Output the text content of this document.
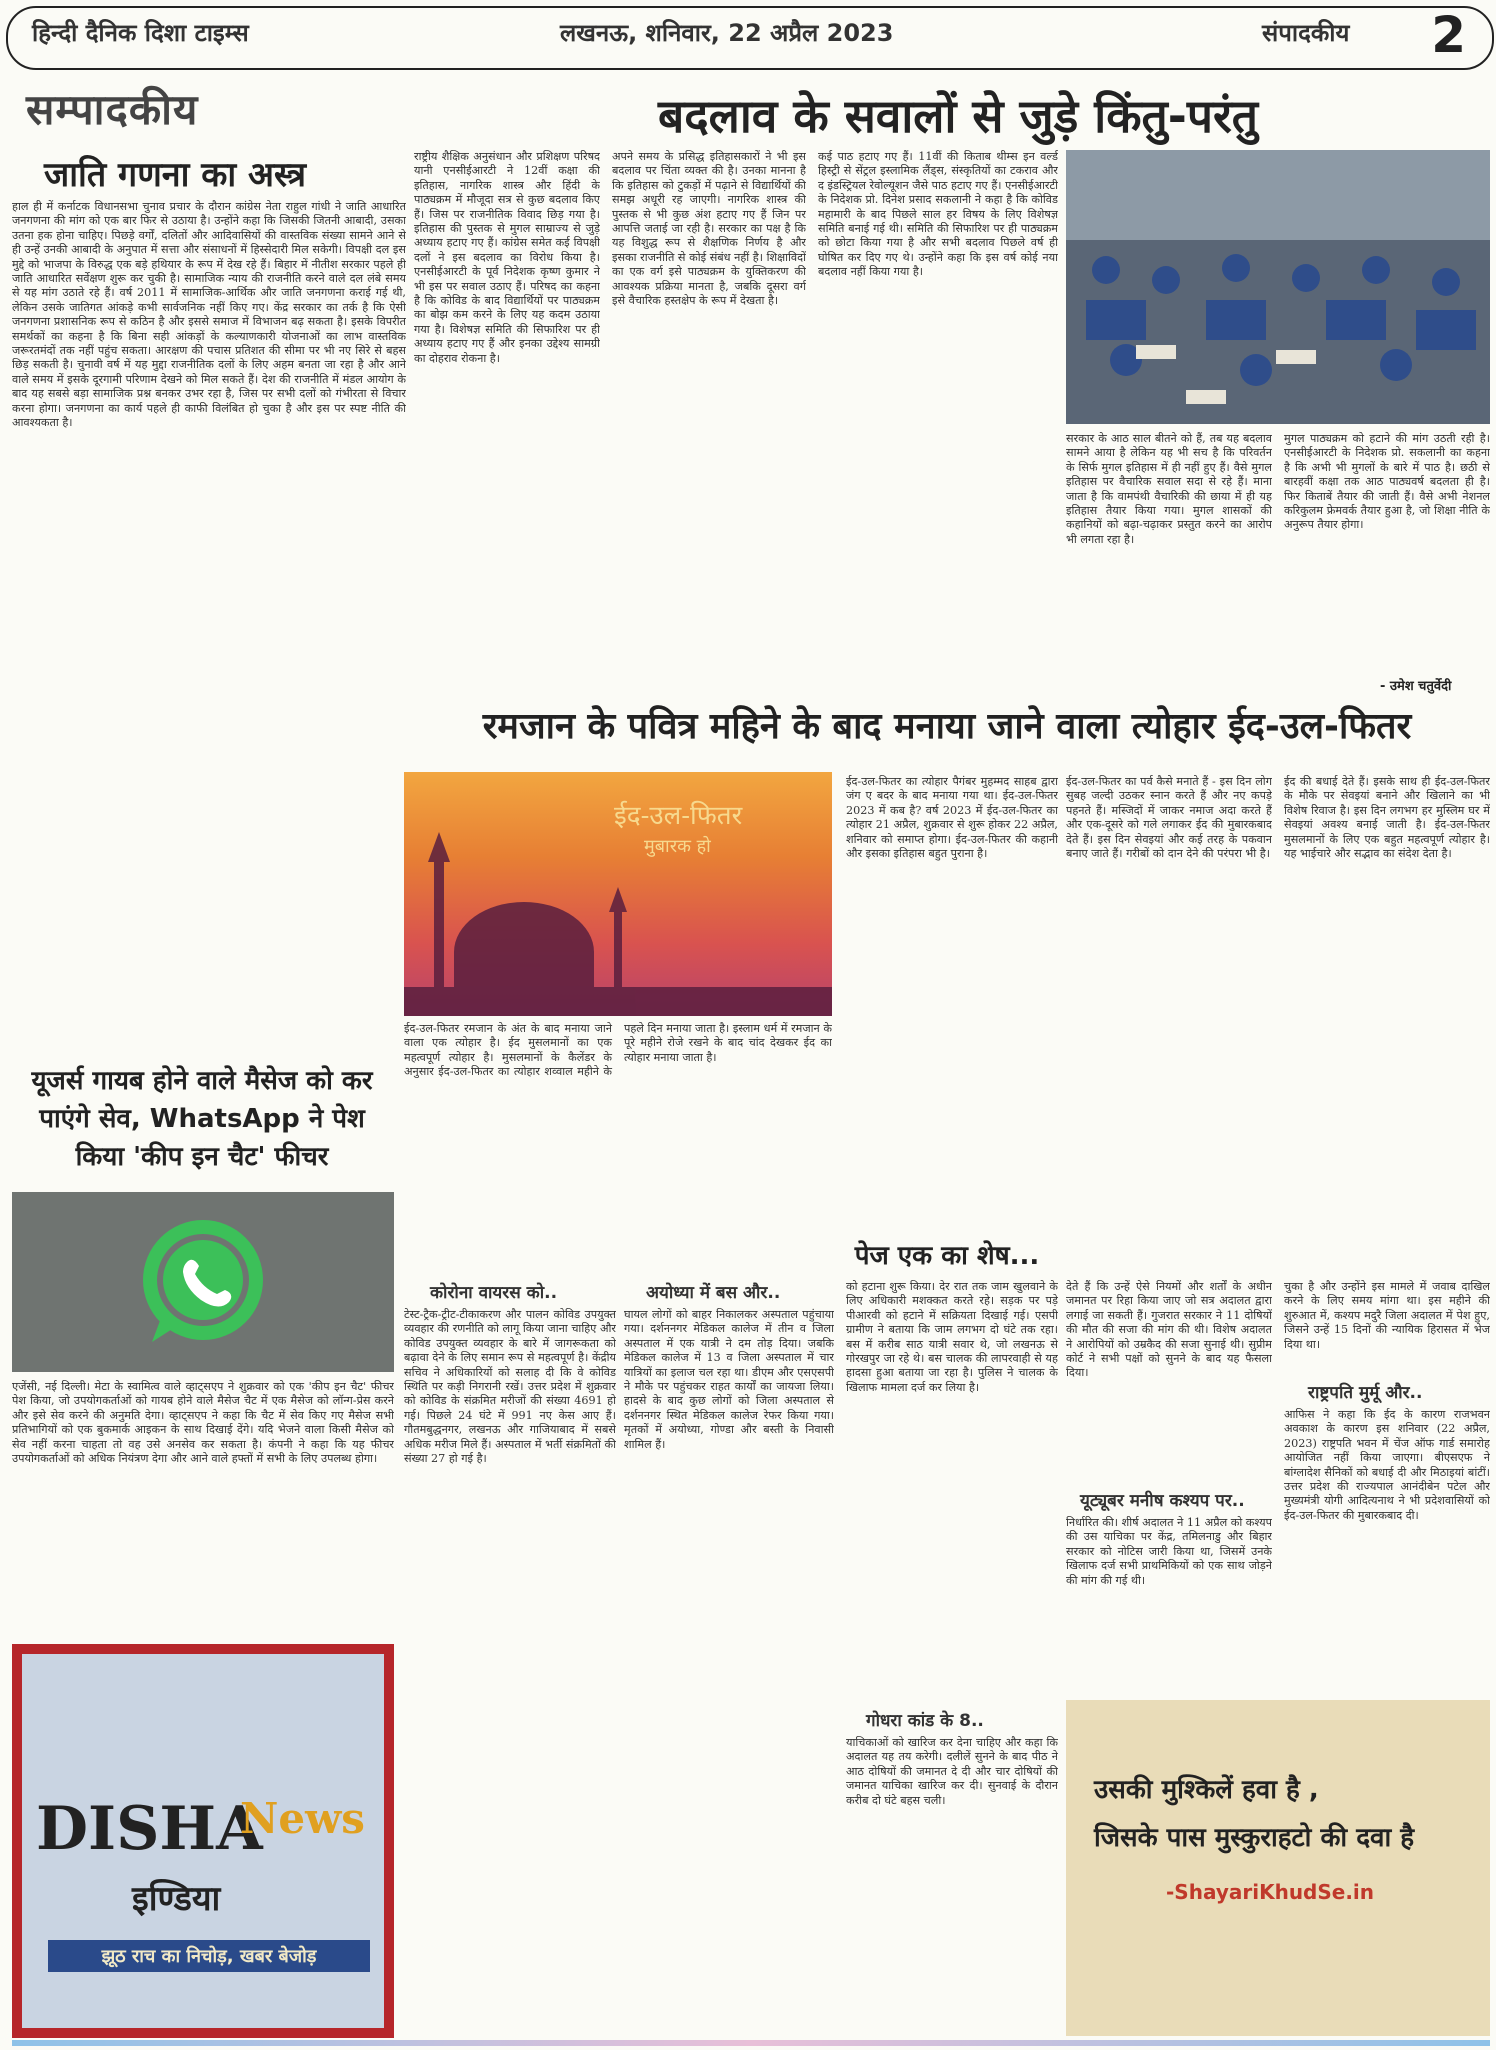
हिन्दी दैनिक दिशा टाइम्स	लखनऊ, शनिवार, 22 अप्रैल 2023	संपादकीय 2
सम्पादकीय	बदलाव के सवालों से जुड़े किंतु-परंतु
जाति गणना का अस्त्र
हाल ही में कर्नाटक विधानसभा चुनाव प्रचार के दौरान कांग्रेस नेता राहुल गांधी ने जाति आधारित जनगणना की मांग को एक बार फिर से उठाया है। उन्होंने कहा कि जिसकी जितनी आबादी, उसका उतना हक होना चाहिए। पिछड़े वर्गों, दलितों और आदिवासियों की वास्तविक संख्या सामने आने से ही उन्हें उनकी आबादी के अनुपात में सत्ता और संसाधनों में हिस्सेदारी मिल सकेगी। विपक्षी दल इस मुद्दे को भाजपा के विरुद्ध एक बड़े हथियार के रूप में देख रहे हैं। बिहार में नीतीश सरकार पहले ही जाति आधारित सर्वेक्षण शुरू कर चुकी है। सामाजिक न्याय की राजनीति करने वाले दल लंबे समय से यह मांग उठाते रहे हैं। वर्ष 2011 में सामाजिक-आर्थिक और जाति जनगणना कराई गई थी, लेकिन उसके जातिगत आंकड़े कभी सार्वजनिक नहीं किए गए। केंद्र सरकार का तर्क है कि ऐसी जनगणना प्रशासनिक रूप से कठिन है और इससे समाज में विभाजन बढ़ सकता है। इसके विपरीत समर्थकों का कहना है कि बिना सही आंकड़ों के कल्याणकारी योजनाओं का लाभ वास्तविक जरूरतमंदों तक नहीं पहुंच सकता। आरक्षण की पचास प्रतिशत की सीमा पर भी नए सिरे से बहस छिड़ सकती है। चुनावी वर्ष में यह मुद्दा राजनीतिक दलों के लिए अहम बनता जा रहा है और आने वाले समय में इसके दूरगामी परिणाम देखने को मिल सकते हैं। देश की राजनीति में मंडल आयोग के बाद यह सबसे बड़ा सामाजिक प्रश्न बनकर उभर रहा है, जिस पर सभी दलों को गंभीरता से विचार करना होगा। जनगणना का कार्य पहले ही काफी विलंबित हो चुका है और इस पर स्पष्ट नीति की आवश्यकता है।
राष्ट्रीय शैक्षिक अनुसंधान और प्रशिक्षण परिषद यानी एनसीईआरटी ने 12वीं कक्षा की इतिहास, नागरिक शास्त्र और हिंदी के पाठ्यक्रम में मौजूदा सत्र से कुछ बदलाव किए हैं। जिस पर राजनीतिक विवाद छिड़ गया है। इतिहास की पुस्तक से मुगल साम्राज्य से जुड़े अध्याय हटाए गए हैं। कांग्रेस समेत कई विपक्षी दलों ने इस बदलाव का विरोध किया है। एनसीईआरटी के पूर्व निदेशक कृष्ण कुमार ने भी इस पर सवाल उठाए हैं। परिषद का कहना है कि कोविड के बाद विद्यार्थियों पर पाठ्यक्रम का बोझ कम करने के लिए यह कदम उठाया गया है। विशेषज्ञ समिति की सिफारिश पर ही अध्याय हटाए गए हैं और इनका उद्देश्य सामग्री का दोहराव रोकना है।
अपने समय के प्रसिद्ध इतिहासकारों ने भी इस बदलाव पर चिंता व्यक्त की है। उनका मानना है कि इतिहास को टुकड़ों में पढ़ाने से विद्यार्थियों की समझ अधूरी रह जाएगी। नागरिक शास्त्र की पुस्तक से भी कुछ अंश हटाए गए हैं जिन पर आपत्ति जताई जा रही है। सरकार का पक्ष है कि यह विशुद्ध रूप से शैक्षणिक निर्णय है और इसका राजनीति से कोई संबंध नहीं है। शिक्षाविदों का एक वर्ग इसे पाठ्यक्रम के युक्तिकरण की आवश्यक प्रक्रिया मानता है, जबकि दूसरा वर्ग इसे वैचारिक हस्तक्षेप के रूप में देखता है।
कई पाठ हटाए गए हैं। 11वीं की किताब थीम्स इन वर्ल्ड हिस्ट्री से सेंट्रल इस्लामिक लैंड्स, संस्कृतियों का टकराव और द इंडस्ट्रियल रेवोल्यूशन जैसे पाठ हटाए गए हैं। एनसीईआरटी के निदेशक प्रो. दिनेश प्रसाद सकलानी ने कहा है कि कोविड महामारी के बाद पिछले साल हर विषय के लिए विशेषज्ञ समिति बनाई गई थी। समिति की सिफारिश पर ही पाठ्यक्रम को छोटा किया गया है और सभी बदलाव पिछले वर्ष ही घोषित कर दिए गए थे। उन्होंने कहा कि इस वर्ष कोई नया बदलाव नहीं किया गया है।
सरकार के आठ साल बीतने को हैं, तब यह बदलाव सामने आया है लेकिन यह भी सच है कि परिवर्तन के सिर्फ मुगल इतिहास में ही नहीं हुए हैं। वैसे मुगल इतिहास पर वैचारिक सवाल सदा से रहे हैं। माना जाता है कि वामपंथी वैचारिकी की छाया में ही यह इतिहास तैयार किया गया। मुगल शासकों की कहानियों को बढ़ा-चढ़ाकर प्रस्तुत करने का आरोप भी लगता रहा है।
मुगल पाठ्यक्रम को हटाने की मांग उठती रही है। एनसीईआरटी के निदेशक प्रो. सकलानी का कहना है कि अभी भी मुगलों के बारे में पाठ है। छठी से बारहवीं कक्षा तक आठ पाठ्यवर्ष बदलता ही है। फिर किताबें तैयार की जाती हैं। वैसे अभी नेशनल करिकुलम फ्रेमवर्क तैयार हुआ है, जो शिक्षा नीति के अनुरूप तैयार होगा।
- उमेश चतुर्वेदी
रमजान के पवित्र महिने के बाद मनाया जाने वाला त्योहार ईद-उल-फितर
ईद-उल-फितर
मुबारक हो
ईद-उल-फितर रमजान के अंत के बाद मनाया जाने वाला एक त्योहार है। ईद मुसलमानों का एक महत्वपूर्ण त्योहार है। मुसलमानों के कैलेंडर के अनुसार ईद-उल-फितर का त्योहार शव्वाल महीने के पहले दिन मनाया जाता है। इस्लाम धर्म में रमजान के पूरे महीने रोजे रखने के बाद चांद देखकर ईद का त्योहार मनाया जाता है।
ईद-उल-फितर का त्योहार पैगंबर मुहम्मद साहब द्वारा जंग ए बदर के बाद मनाया गया था। ईद-उल-फितर 2023 में कब है? वर्ष 2023 में ईद-उल-फितर का त्योहार 21 अप्रैल, शुक्रवार से शुरू होकर 22 अप्रैल, शनिवार को समाप्त होगा। ईद-उल-फितर की कहानी और इसका इतिहास बहुत पुराना है।
ईद-उल-फितर का पर्व कैसे मनाते हैं - इस दिन लोग सुबह जल्दी उठकर स्नान करते हैं और नए कपड़े पहनते हैं। मस्जिदों में जाकर नमाज अदा करते हैं और एक-दूसरे को गले लगाकर ईद की मुबारकबाद देते हैं। इस दिन सेवइयां और कई तरह के पकवान बनाए जाते हैं। गरीबों को दान देने की परंपरा भी है।
ईद की बधाई देते हैं। इसके साथ ही ईद-उल-फितर के मौके पर सेवइयां बनाने और खिलाने का भी विशेष रिवाज है। इस दिन लगभग हर मुस्लिम घर में सेवइयां अवश्य बनाई जाती है। ईद-उल-फितर मुसलमानों के लिए एक बहुत महत्वपूर्ण त्योहार है। यह भाईचारे और सद्भाव का संदेश देता है।
यूजर्स गायब होने वाले मैसेज को कर पाएंगे सेव, WhatsApp ने पेश किया 'कीप इन चैट' फीचर
एजेंसी, नई दिल्ली। मेटा के स्वामित्व वाले व्हाट्सएप ने शुक्रवार को एक 'कीप इन चैट' फीचर पेश किया, जो उपयोगकर्ताओं को गायब होने वाले मैसेज चैट में एक मैसेज को लॉन्ग-प्रेस करने और इसे सेव करने की अनुमति देगा। व्हाट्सएप ने कहा कि चैट में सेव किए गए मैसेज सभी प्रतिभागियों को एक बुकमार्क आइकन के साथ दिखाई देंगे। यदि भेजने वाला किसी मैसेज को सेव नहीं करना चाहता तो वह उसे अनसेव कर सकता है। कंपनी ने कहा कि यह फीचर उपयोगकर्ताओं को अधिक नियंत्रण देगा और आने वाले हफ्तों में सभी के लिए उपलब्ध होगा।
पेज एक का शेष...
कोरोना वायरस को..
टेस्ट-ट्रैक-ट्रीट-टीकाकरण और पालन कोविड उपयुक्त व्यवहार की रणनीति को लागू किया जाना चाहिए और कोविड उपयुक्त व्यवहार के बारे में जागरूकता को बढ़ावा देने के लिए समान रूप से महत्वपूर्ण है। केंद्रीय सचिव ने अधिकारियों को सलाह दी कि वे कोविड स्थिति पर कड़ी निगरानी रखें। उत्तर प्रदेश में शुक्रवार को कोविड के संक्रमित मरीजों की संख्या 4691 हो गई। पिछले 24 घंटे में 991 नए केस आए हैं। गौतमबुद्धनगर, लखनऊ और गाजियाबाद में सबसे अधिक मरीज मिले हैं। अस्पताल में भर्ती संक्रमितों की संख्या 27 हो गई है।
अयोध्या में बस और..
घायल लोगों को बाहर निकालकर अस्पताल पहुंचाया गया। दर्शननगर मेडिकल कालेज में तीन व जिला अस्पताल में एक यात्री ने दम तोड़ दिया। जबकि मेडिकल कालेज में 13 व जिला अस्पताल में चार यात्रियों का इलाज चल रहा था। डीएम और एसएसपी ने मौके पर पहुंचकर राहत कार्यों का जायजा लिया। हादसे के बाद कुछ लोगों को जिला अस्पताल से दर्शननगर स्थित मेडिकल कालेज रेफर किया गया। मृतकों में अयोध्या, गोण्डा और बस्ती के निवासी शामिल हैं।
को हटाना शुरू किया। देर रात तक जाम खुलवाने के लिए अधिकारी मशक्कत करते रहे। सड़क पर पड़े पीआरवी को हटाने में सक्रियता दिखाई गई। एसपी ग्रामीण ने बताया कि जाम लगभग दो घंटे तक रहा। बस में करीब साठ यात्री सवार थे, जो लखनऊ से गोरखपुर जा रहे थे। बस चालक की लापरवाही से यह हादसा हुआ बताया जा रहा है। पुलिस ने चालक के खिलाफ मामला दर्ज कर लिया है।
देते हैं कि उन्हें ऐसे नियमों और शर्तों के अधीन जमानत पर रिहा किया जाए जो सत्र अदालत द्वारा लगाई जा सकती हैं। गुजरात सरकार ने 11 दोषियों की मौत की सजा की मांग की थी। विशेष अदालत ने आरोपियों को उम्रकैद की सजा सुनाई थी। सुप्रीम कोर्ट ने सभी पक्षों को सुनने के बाद यह फैसला दिया।
चुका है और उन्होंने इस मामले में जवाब दाखिल करने के लिए समय मांगा था। इस महीने की शुरुआत में, कश्यप मदुरै जिला अदालत में पेश हुए, जिसने उन्हें 15 दिनों की न्यायिक हिरासत में भेज दिया था।
राष्ट्रपति मुर्मू और..
आफिस ने कहा कि ईद के कारण राजभवन अवकाश के कारण इस शनिवार (22 अप्रैल, 2023) राष्ट्रपति भवन में चेंज ऑफ गार्ड समारोह आयोजित नहीं किया जाएगा। बीएसएफ ने बांग्लादेश सैनिकों को बधाई दी और मिठाइयां बांटीं। उत्तर प्रदेश की राज्यपाल आनंदीबेन पटेल और मुख्यमंत्री योगी आदित्यनाथ ने भी प्रदेशवासियों को ईद-उल-फितर की मुबारकबाद दी।
गोधरा कांड के 8..
याचिकाओं को खारिज कर देना चाहिए और कहा कि अदालत यह तय करेगी। दलीलें सुनने के बाद पीठ ने आठ दोषियों की जमानत दे दी और चार दोषियों की जमानत याचिका खारिज कर दी। सुनवाई के दौरान करीब दो घंटे बहस चली।
यूट्यूबर मनीष कश्यप पर..
निर्धारित की। शीर्ष अदालत ने 11 अप्रैल को कश्यप की उस याचिका पर केंद्र, तमिलनाडु और बिहार सरकार को नोटिस जारी किया था, जिसमें उनके खिलाफ दर्ज सभी प्राथमिकियों को एक साथ जोड़ने की मांग की गई थी।
DISHA
News
इण्डिया
झूठ राच का निचोड़, खबर बेजोड़
उसकी मुश्किलें हवा है ,
जिसके पास मुस्कुराहटो की दवा है
-ShayariKhudSe.in
